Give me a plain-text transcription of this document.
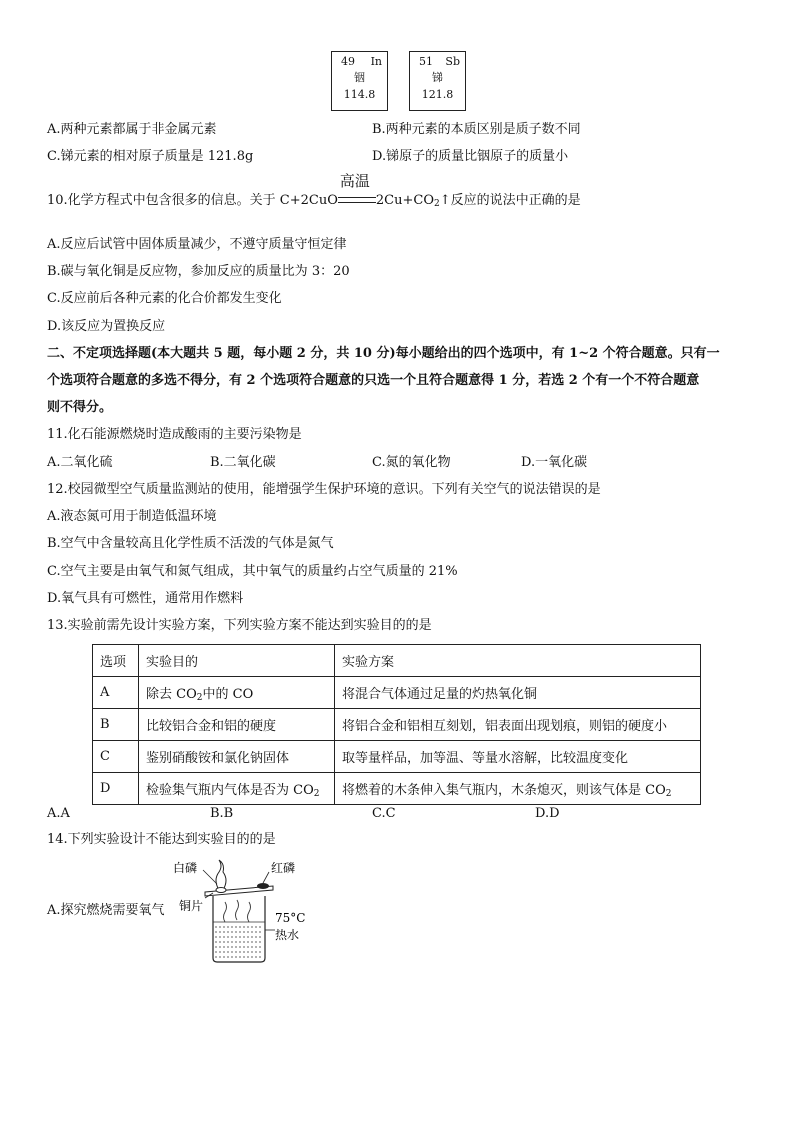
49 In
铟
114.8
51 Sb
锑
121.8
A.两种元素都属于非金属元素	B.两种元素的本质区别是质子数不同
C.锑元素的相对原子质量是 121.8g	D.锑原子的质量比铟原子的质量小
10.化学方程式中包含很多的信息。关于 C+2CuO
高温
$2Cu+CO_2↑$反应的说法中正确的是
A.反应后试管中固体质量减少，不遵守质量守恒定律
B.碳与氧化铜是反应物，参加反应的质量比为 3：20
C.反应前后各种元素的化合价都发生变化
D.该反应为置换反应
二、不定项选择题(本大题共 5 题，每小题 2 分，共 10 分)每小题给出的四个选项中，有 1~2 个符合题意。只有一
个选项符合题意的多选不得分，有 2 个选项符合题意的只选一个且符合题意得 1 分，若选 2 个有一个不符合题意
则不得分。
11.化石能源燃烧时造成酸雨的主要污染物是
A.二氧化硫	B.二氧化碳	C.氮的氧化物	D.一氧化碳
12.校园微型空气质量监测站的使用，能增强学生保护环境的意识。下列有关空气的说法错误的是
A.液态氮可用于制造低温环境
B.空气中含量较高且化学性质不活泼的气体是氮气
C.空气主要是由氧气和氮气组成，其中氧气的质量约占空气质量的 21%
D.氧气具有可燃性，通常用作燃料
13.实验前需先设计实验方案，下列实验方案不能达到实验目的的是
选项	实验目的	实验方案
A	除去 $CO_2$中的 CO	将混合气体通过足量的灼热氧化铜
B	比较铝合金和铝的硬度	将铝合金和铝相互刻划，铝表面出现划痕，则铝的硬度小
C	鉴别硝酸铵和氯化钠固体	取等量样品，加等温、等量水溶解，比较温度变化
D	检验集气瓶内气体是否为 $CO_2$	将燃着的木条伸入集气瓶内，木条熄灭，则该气体是 $CO_2$
A.A	B.B	C.C	D.D
14.下列实验设计不能达到实验目的的是
A.探究燃烧需要氧气
白磷	红磷
铜片
75°C
热水
